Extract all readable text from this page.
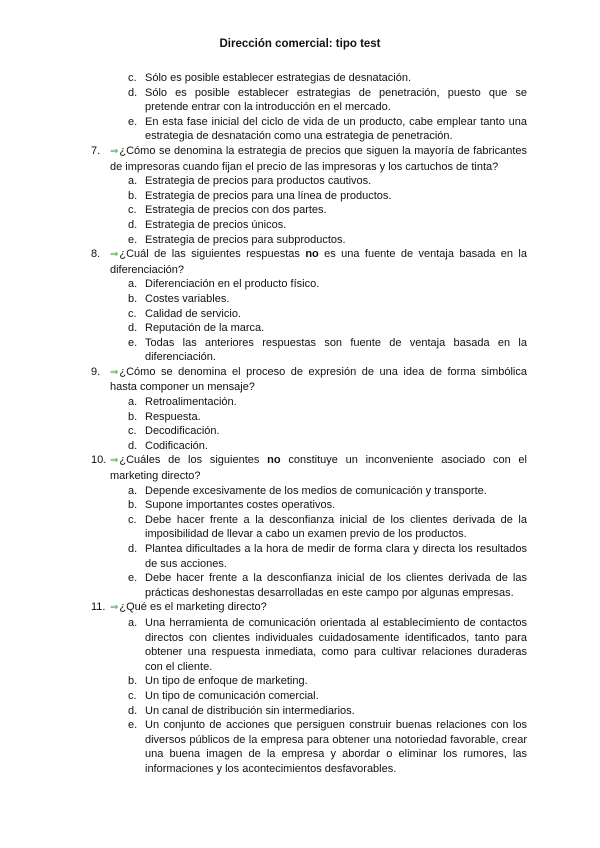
Dirección comercial: tipo test
c. Sólo es posible establecer estrategias de desnatación.
d. Sólo es posible establecer estrategias de penetración, puesto que se pretende entrar con la introducción en el mercado.
e. En esta fase inicial del ciclo de vida de un producto, cabe emplear tanto una estrategia de desnatación como una estrategia de penetración.
7. ⇒¿Cómo se denomina la estrategia de precios que siguen la mayoría de fabricantes de impresoras cuando fijan el precio de las impresoras y los cartuchos de tinta?
a. Estrategia de precios para productos cautivos.
b. Estrategia de precios para una línea de productos.
c. Estrategia de precios con dos partes.
d. Estrategia de precios únicos.
e. Estrategia de precios para subproductos.
8. ⇒¿Cuál de las siguientes respuestas no es una fuente de ventaja basada en la diferenciación?
a. Diferenciación en el producto físico.
b. Costes variables.
c. Calidad de servicio.
d. Reputación de la marca.
e. Todas las anteriores respuestas son fuente de ventaja basada en la diferenciación.
9. ⇒¿Cómo se denomina el proceso de expresión de una idea de forma simbólica hasta componer un mensaje?
a. Retroalimentación.
b. Respuesta.
c. Decodificación.
d. Codificación.
10. ⇒¿Cuáles de los siguientes no constituye un inconveniente asociado con el marketing directo?
a. Depende excesivamente de los medios de comunicación y transporte.
b. Supone importantes costes operativos.
c. Debe hacer frente a la desconfianza inicial de los clientes derivada de la imposibilidad de llevar a cabo un examen previo de los productos.
d. Plantea dificultades a la hora de medir de forma clara y directa los resultados de sus acciones.
e. Debe hacer frente a la desconfianza inicial de los clientes derivada de las prácticas deshonestas desarrolladas en este campo por algunas empresas.
11. ⇒¿Qué es el marketing directo?
a. Una herramienta de comunicación orientada al establecimiento de contactos directos con clientes individuales cuidadosamente identificados, tanto para obtener una respuesta inmediata, como para cultivar relaciones duraderas con el cliente.
b. Un tipo de enfoque de marketing.
c. Un tipo de comunicación comercial.
d. Un canal de distribución sin intermediarios.
e. Un conjunto de acciones que persiguen construir buenas relaciones con los diversos públicos de la empresa para obtener una notoriedad favorable, crear una buena imagen de la empresa y abordar o eliminar los rumores, las informaciones y los acontecimientos desfavorables.
